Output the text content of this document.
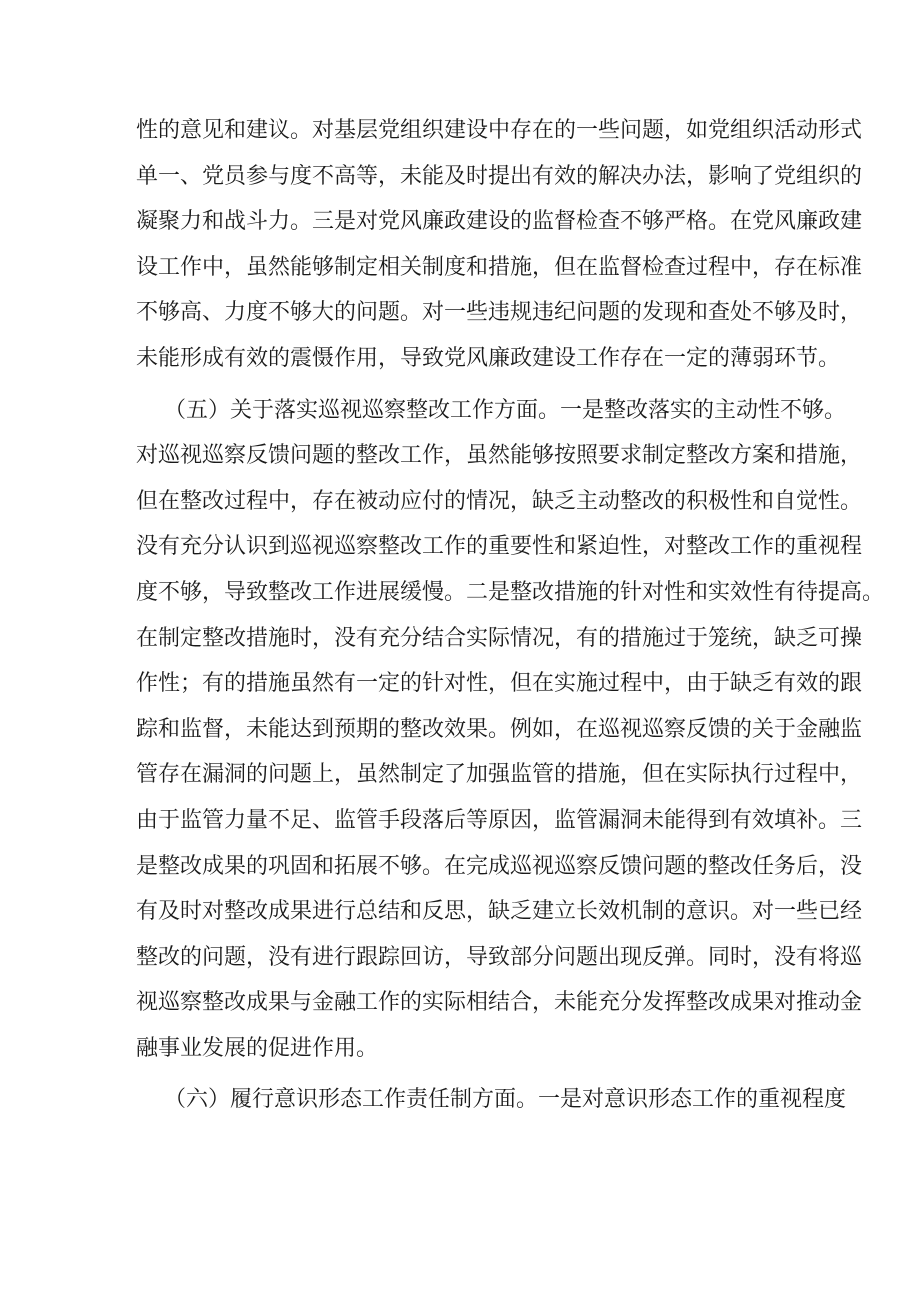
性的意见和建议。对基层党组织建设中存在的一些问题，如党组织活动形式
单一、党员参与度不高等，未能及时提出有效的解决办法，影响了党组织的
凝聚力和战斗力。三是对党风廉政建设的监督检查不够严格。在党风廉政建
设工作中，虽然能够制定相关制度和措施，但在监督检查过程中，存在标准
不够高、力度不够大的问题。对一些违规违纪问题的发现和查处不够及时，
未能形成有效的震慑作用，导致党风廉政建设工作存在一定的薄弱环节。
（五）关于落实巡视巡察整改工作方面。一是整改落实的主动性不够。
对巡视巡察反馈问题的整改工作，虽然能够按照要求制定整改方案和措施，
但在整改过程中，存在被动应付的情况，缺乏主动整改的积极性和自觉性。
没有充分认识到巡视巡察整改工作的重要性和紧迫性，对整改工作的重视程
度不够，导致整改工作进展缓慢。二是整改措施的针对性和实效性有待提高。
在制定整改措施时，没有充分结合实际情况，有的措施过于笼统，缺乏可操
作性；有的措施虽然有一定的针对性，但在实施过程中，由于缺乏有效的跟
踪和监督，未能达到预期的整改效果。例如，在巡视巡察反馈的关于金融监
管存在漏洞的问题上，虽然制定了加强监管的措施，但在实际执行过程中，
由于监管力量不足、监管手段落后等原因，监管漏洞未能得到有效填补。三
是整改成果的巩固和拓展不够。在完成巡视巡察反馈问题的整改任务后，没
有及时对整改成果进行总结和反思，缺乏建立长效机制的意识。对一些已经
整改的问题，没有进行跟踪回访，导致部分问题出现反弹。同时，没有将巡
视巡察整改成果与金融工作的实际相结合，未能充分发挥整改成果对推动金
融事业发展的促进作用。
（六）履行意识形态工作责任制方面。一是对意识形态工作的重视程度
